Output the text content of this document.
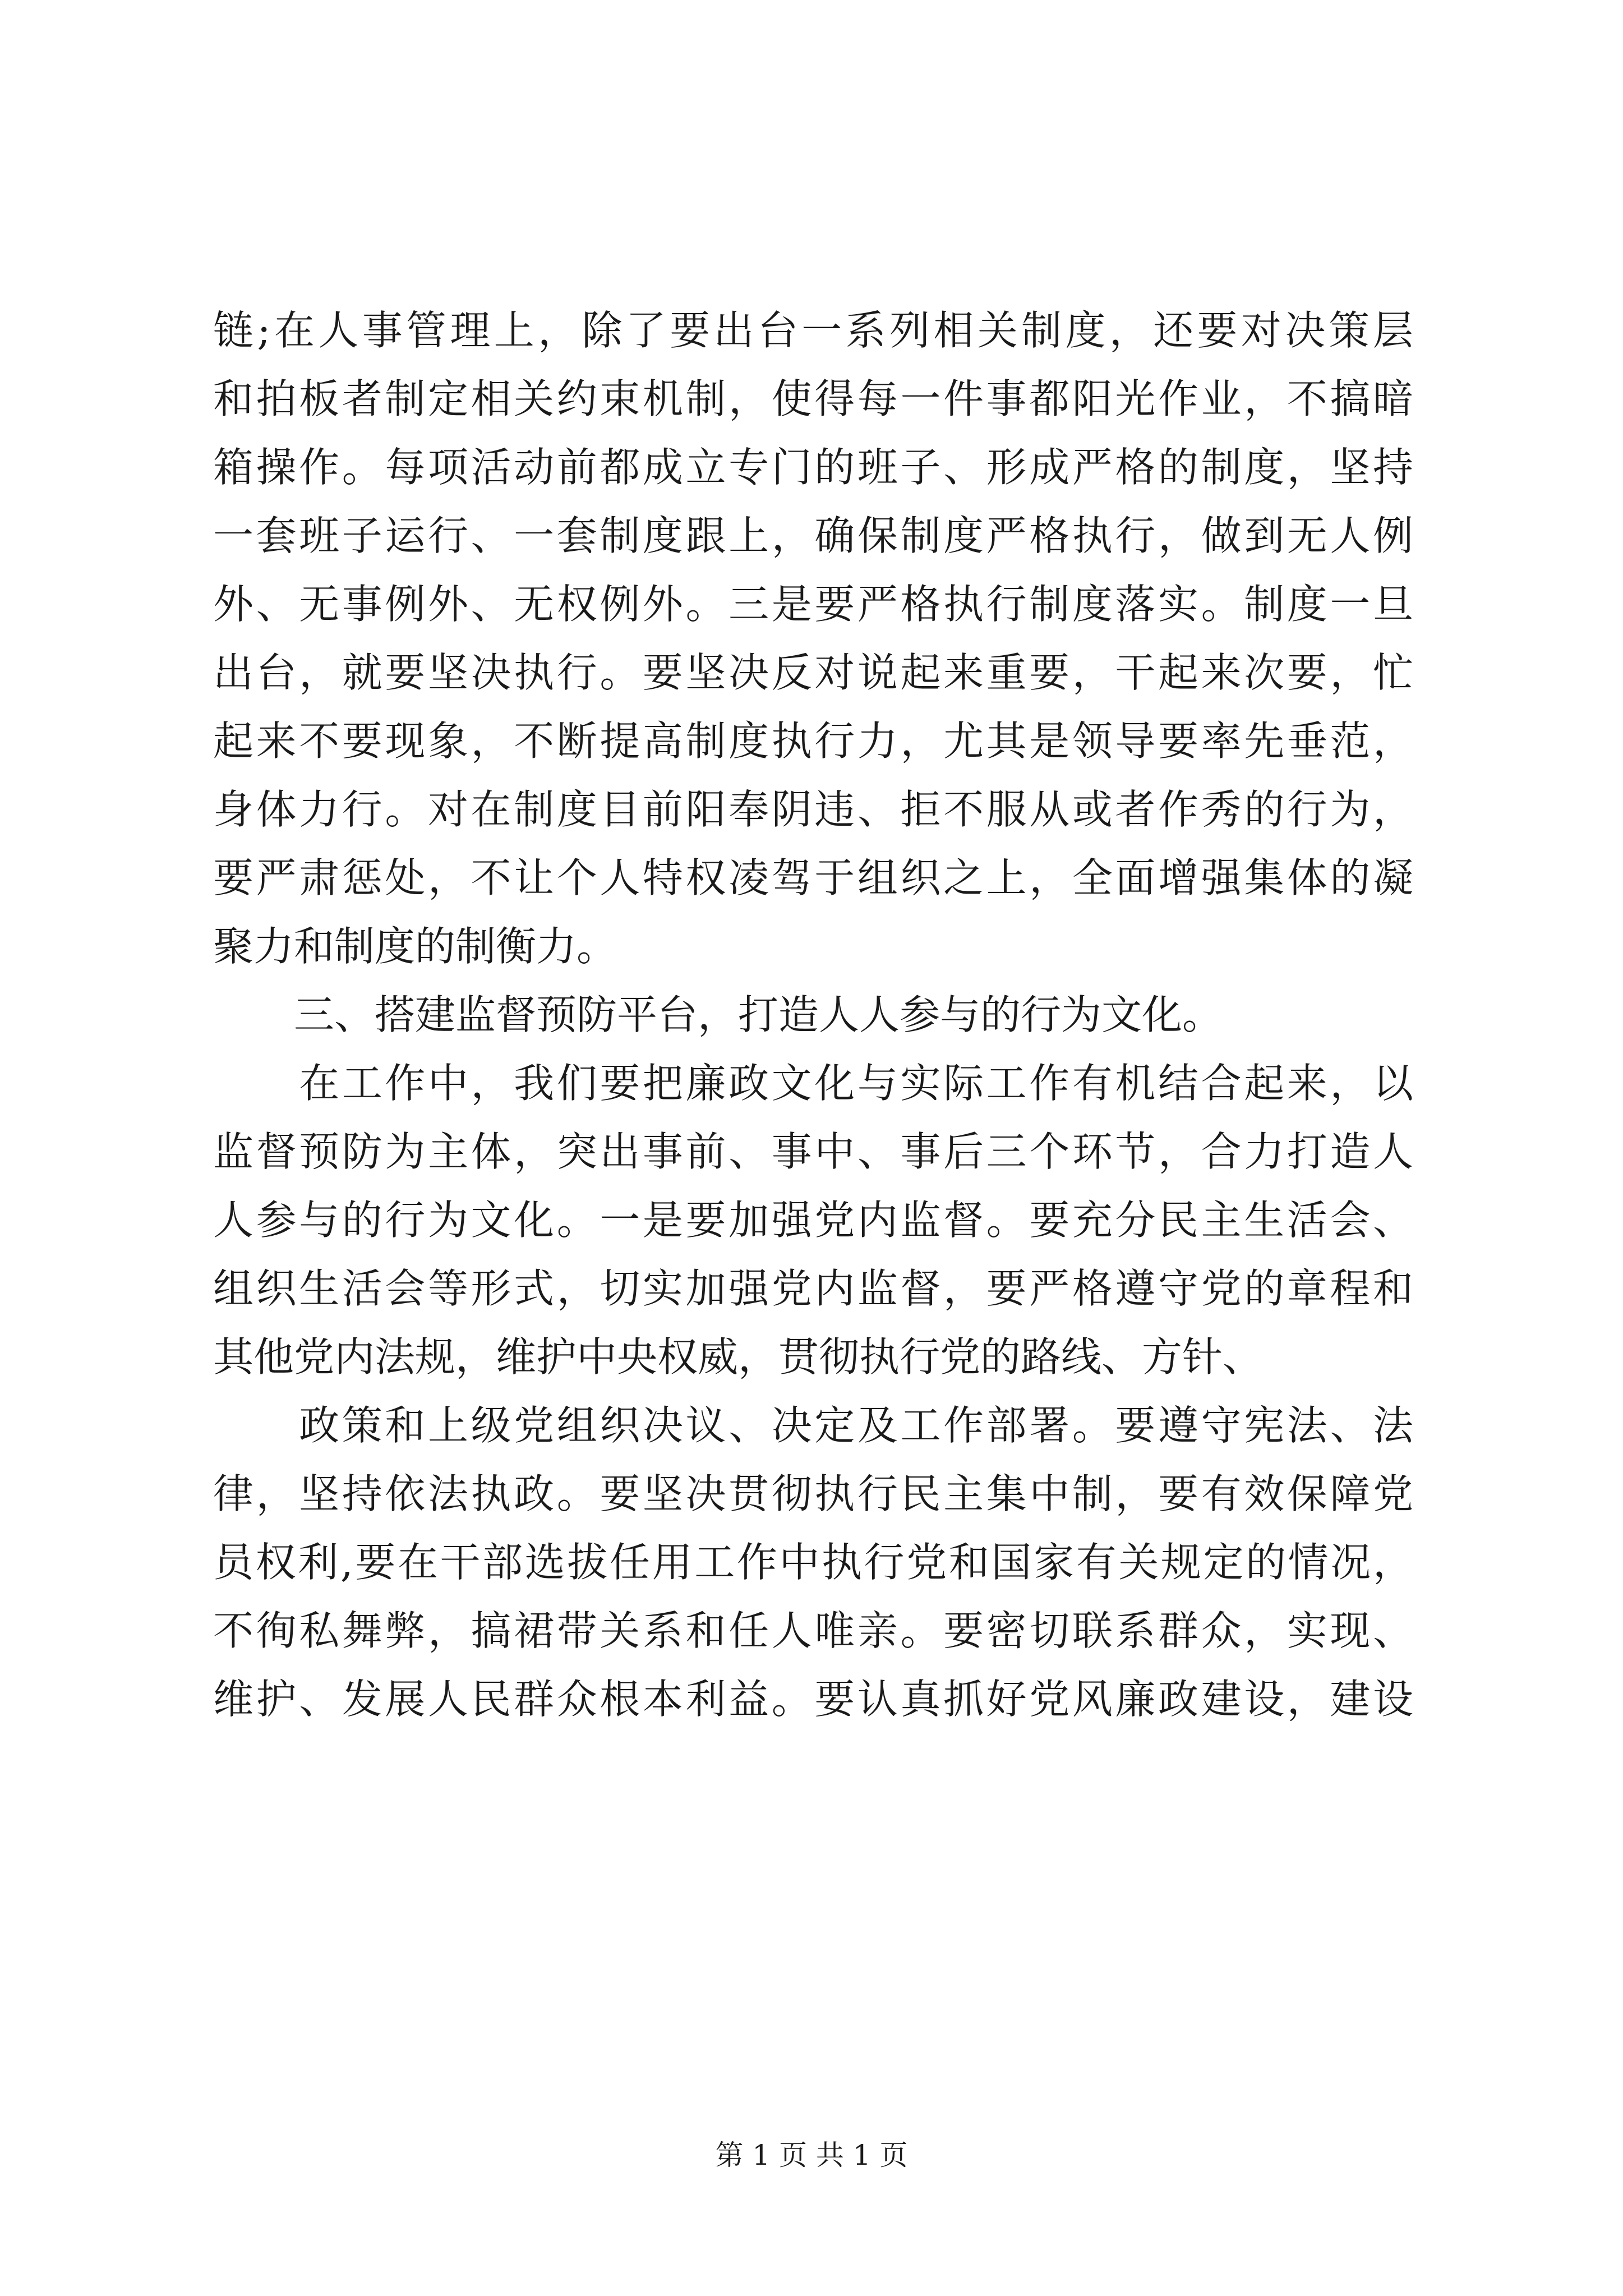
链;在人事管理上，除了要出台一系列相关制度，还要对决策层
和拍板者制定相关约束机制，使得每一件事都阳光作业，不搞暗
箱操作。每项活动前都成立专门的班子、形成严格的制度，坚持
一套班子运行、一套制度跟上，确保制度严格执行，做到无人例
外、无事例外、无权例外。三是要严格执行制度落实。制度一旦
出台，就要坚决执行。要坚决反对说起来重要，干起来次要，忙
起来不要现象，不断提高制度执行力，尤其是领导要率先垂范，
身体力行。对在制度目前阳奉阴违、拒不服从或者作秀的行为，
要严肃惩处，不让个人特权凌驾于组织之上，全面增强集体的凝
聚力和制度的制衡力。
　　三、搭建监督预防平台，打造人人参与的行为文化。
　　在工作中，我们要把廉政文化与实际工作有机结合起来，以
监督预防为主体，突出事前、事中、事后三个环节，合力打造人
人参与的行为文化。一是要加强党内监督。要充分民主生活会、
组织生活会等形式，切实加强党内监督，要严格遵守党的章程和
其他党内法规，维护中央权威，贯彻执行党的路线、方针、
　　政策和上级党组织决议、决定及工作部署。要遵守宪法、法
律，坚持依法执政。要坚决贯彻执行民主集中制，要有效保障党
员权利,要在干部选拔任用工作中执行党和国家有关规定的情况，
不徇私舞弊，搞裙带关系和任人唯亲。要密切联系群众，实现、
维护、发展人民群众根本利益。要认真抓好党风廉政建设，建设
第 1 页 共 1 页
